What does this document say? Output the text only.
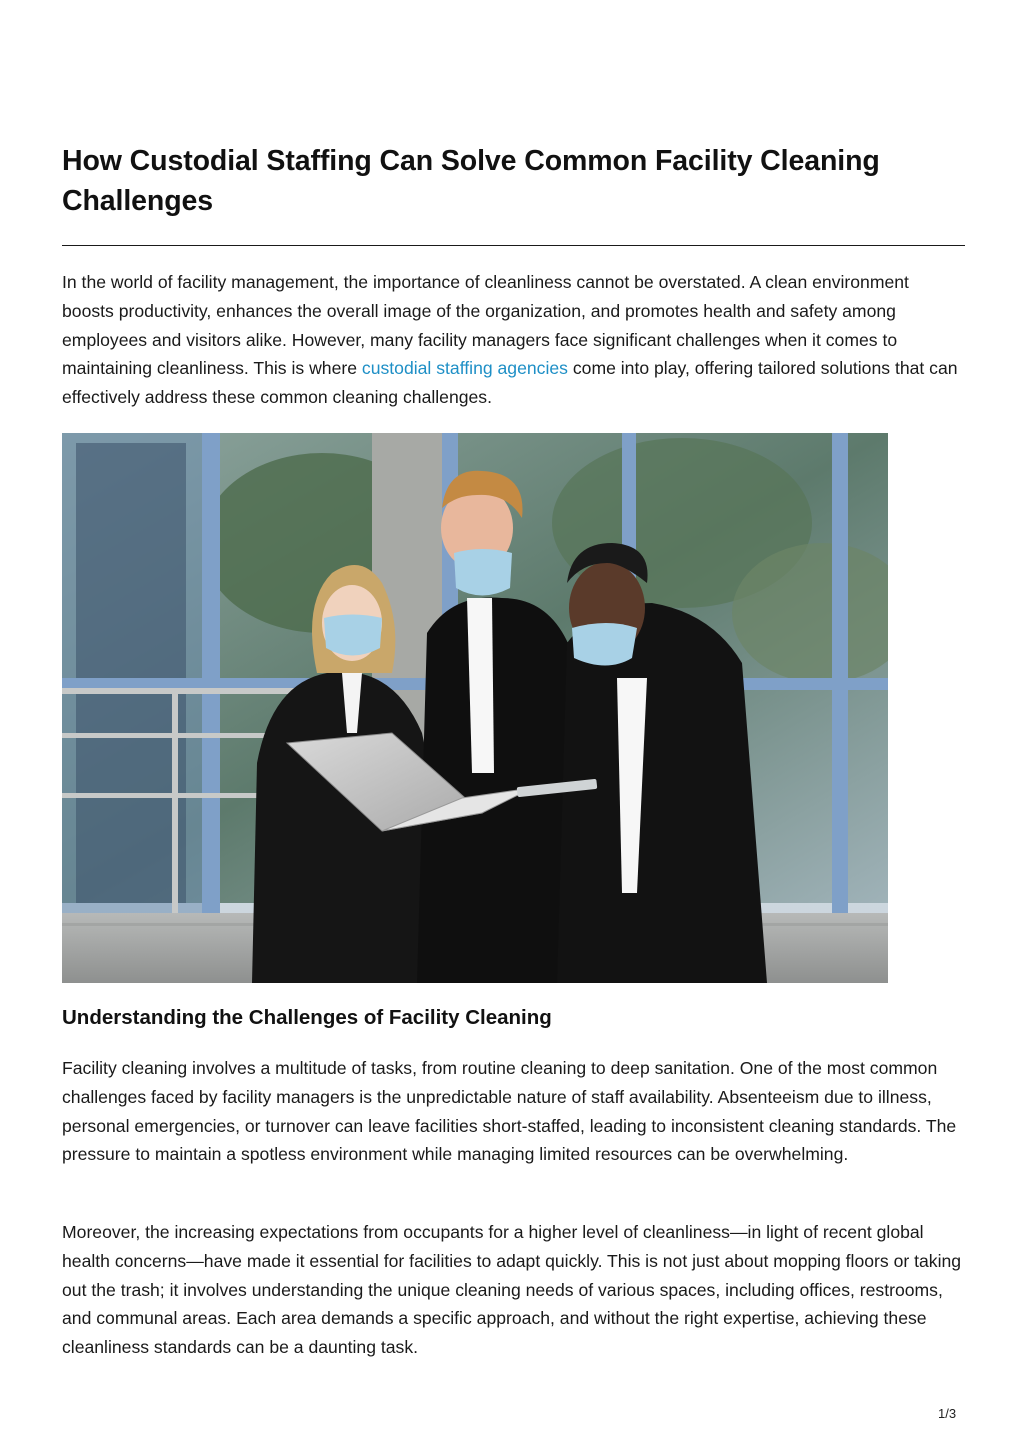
How Custodial Staffing Can Solve Common Facility Cleaning Challenges

In the world of facility management, the importance of cleanliness cannot be overstated. A clean environment boosts productivity, enhances the overall image of the organization, and promotes health and safety among employees and visitors alike. However, many facility managers face significant challenges when it comes to maintaining cleanliness. This is where custodial staffing agencies come into play, offering tailored solutions that can effectively address these common cleaning challenges.

Understanding the Challenges of Facility Cleaning

Facility cleaning involves a multitude of tasks, from routine cleaning to deep sanitation. One of the most common challenges faced by facility managers is the unpredictable nature of staff availability. Absenteeism due to illness, personal emergencies, or turnover can leave facilities short-staffed, leading to inconsistent cleaning standards. The pressure to maintain a spotless environment while managing limited resources can be overwhelming.

Moreover, the increasing expectations from occupants for a higher level of cleanliness—in light of recent global health concerns—have made it essential for facilities to adapt quickly. This is not just about mopping floors or taking out the trash; it involves understanding the unique cleaning needs of various spaces, including offices, restrooms, and communal areas. Each area demands a specific approach, and without the right expertise, achieving these cleanliness standards can be a daunting task.

1/3
